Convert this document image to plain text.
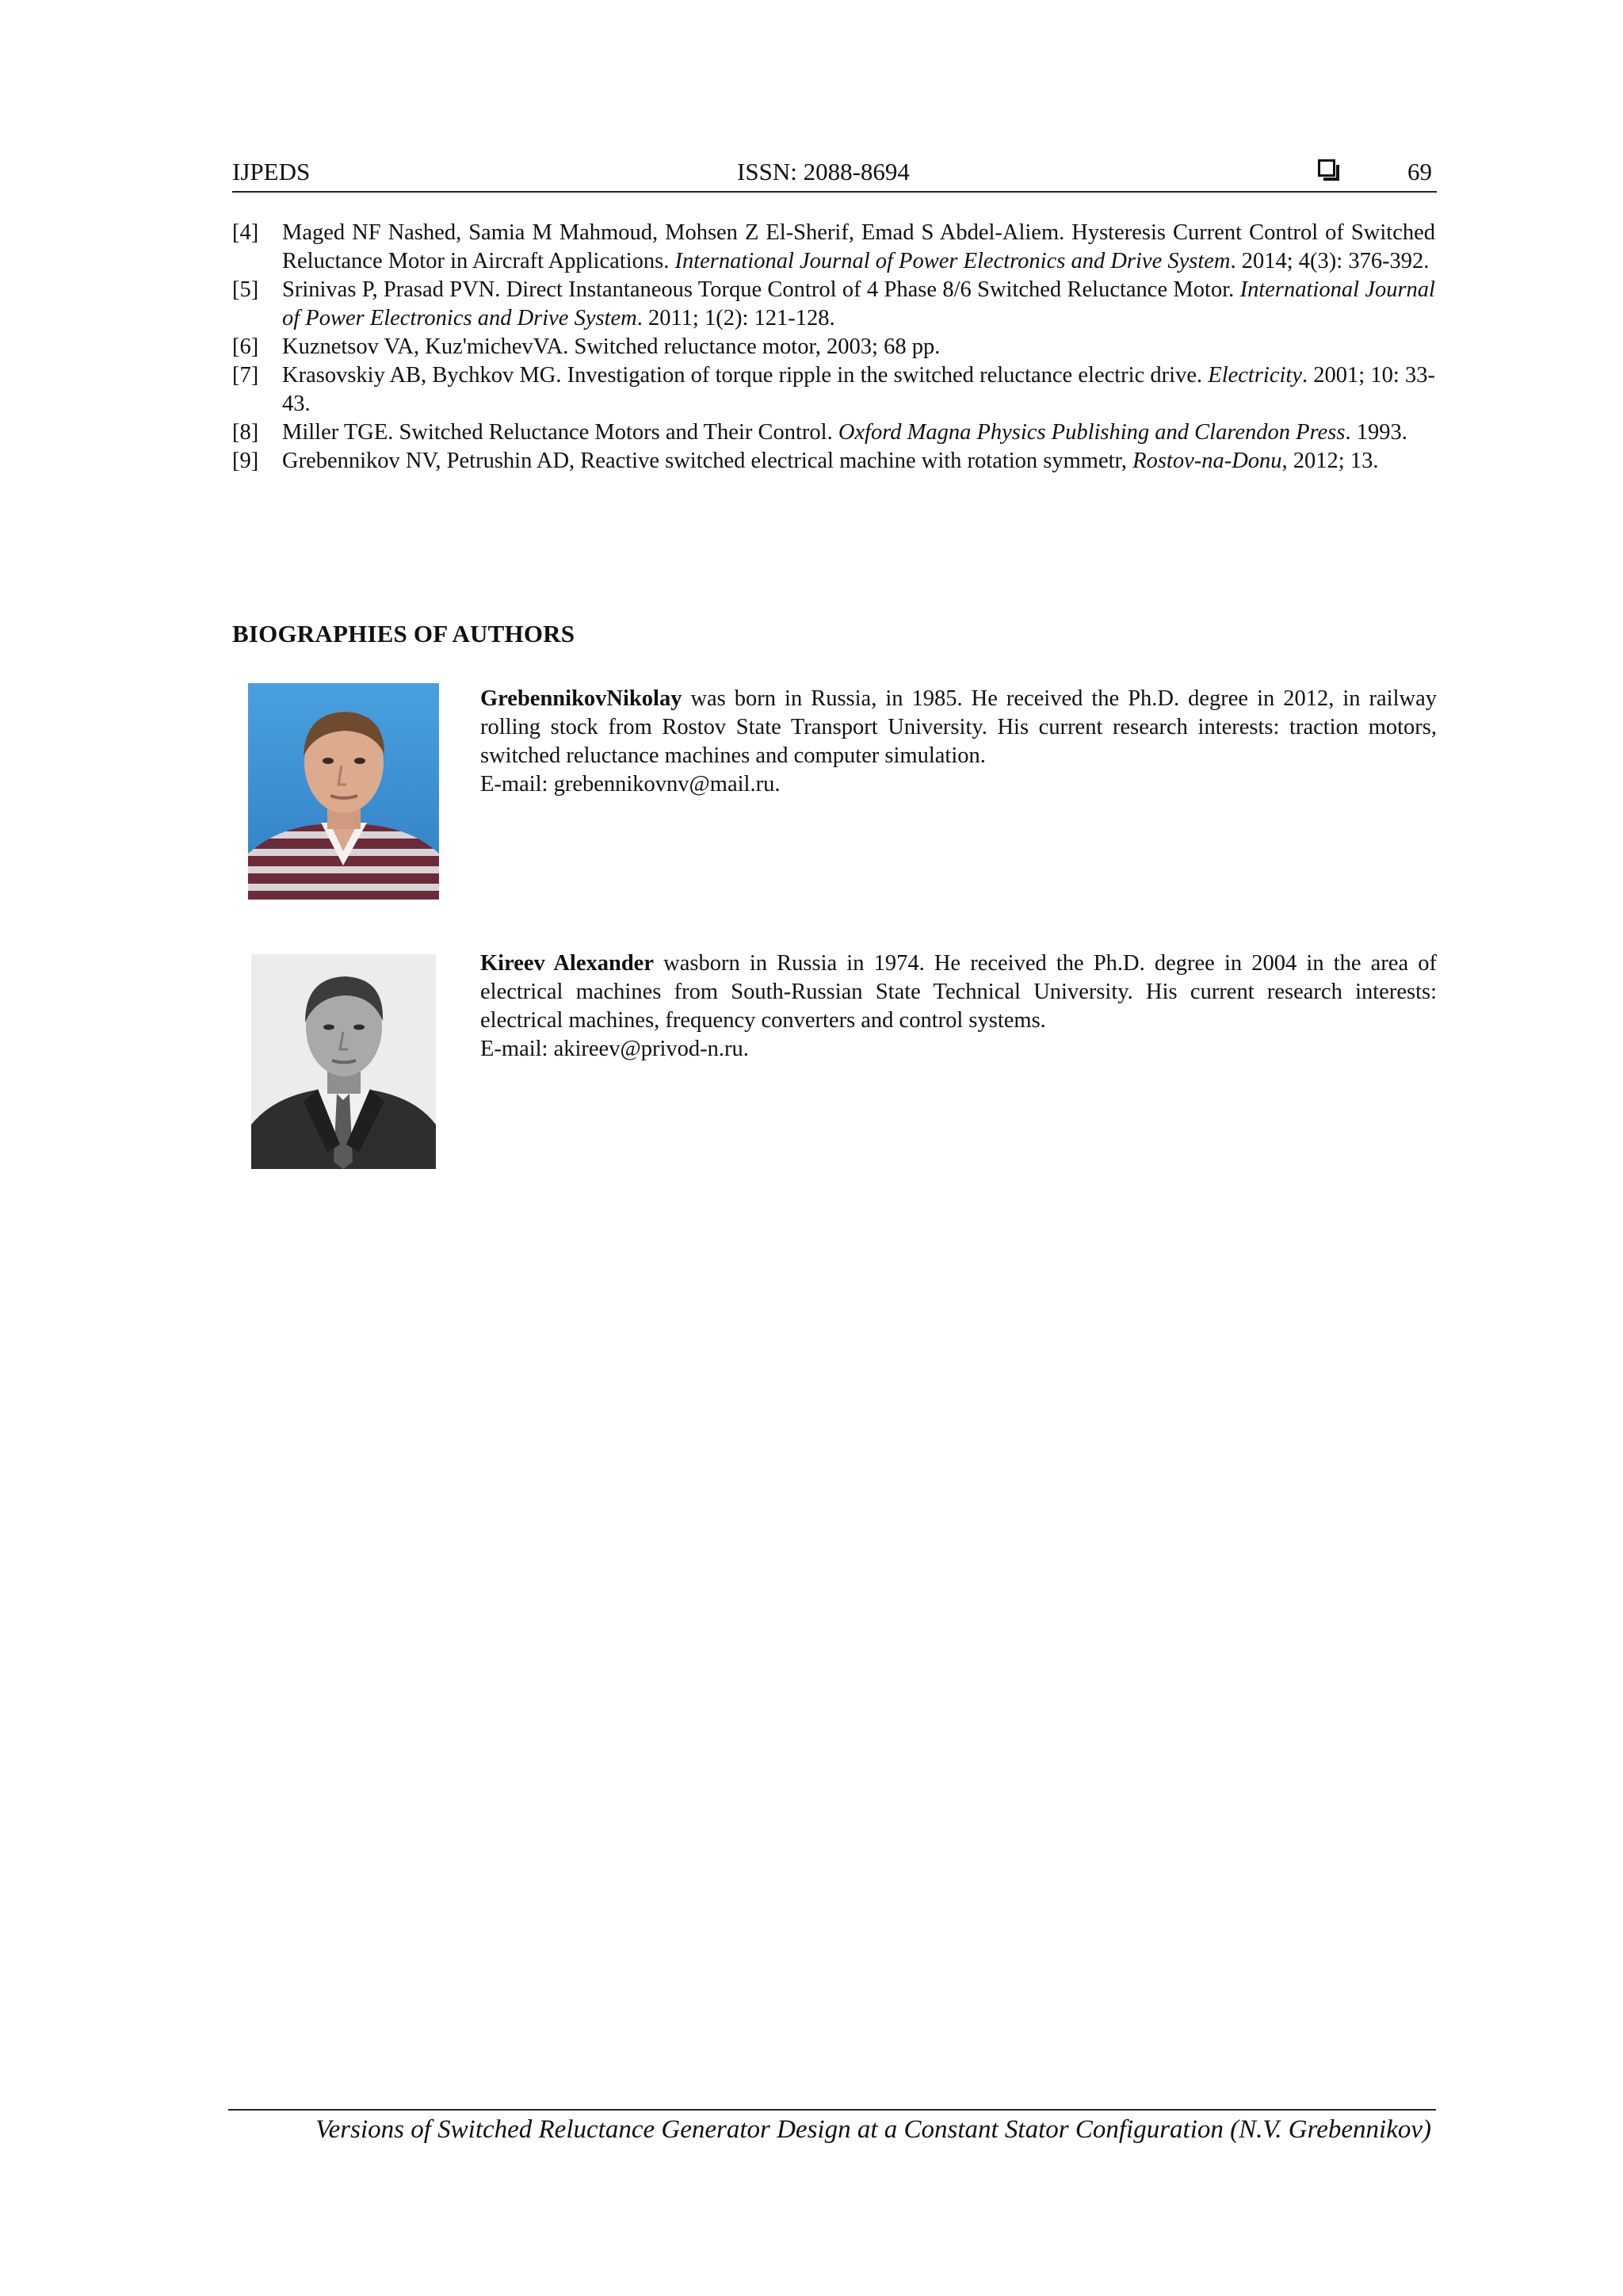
IJPEDS	ISSN: 2088-8694	69
[4] Maged NF Nashed, Samia M Mahmoud, Mohsen Z El-Sherif, Emad S Abdel-Aliem. Hysteresis Current Control of Switched Reluctance Motor in Aircraft Applications. International Journal of Power Electronics and Drive System. 2014; 4(3): 376-392.
[5] Srinivas P, Prasad PVN. Direct Instantaneous Torque Control of 4 Phase 8/6 Switched Reluctance Motor. International Journal of Power Electronics and Drive System. 2011; 1(2): 121-128.
[6] Kuznetsov VA, Kuz'michevVA. Switched reluctance motor, 2003; 68 pp.
[7] Krasovskiy AB, Bychkov MG. Investigation of torque ripple in the switched reluctance electric drive. Electricity. 2001; 10: 33-43.
[8] Miller TGE. Switched Reluctance Motors and Their Control. Oxford Magna Physics Publishing and Clarendon Press. 1993.
[9] Grebennikov NV, Petrushin AD, Reactive switched electrical machine with rotation symmetr, Rostov-na-Donu, 2012; 13.
BIOGRAPHIES OF AUTHORS
GrebennikovNikolay was born in Russia, in 1985. He received the Ph.D. degree in 2012, in railway rolling stock from Rostov State Transport University. His current research interests: traction motors, switched reluctance machines and computer simulation.
E-mail: grebennikovnv@mail.ru.
Kireev Alexander wasborn in Russia in 1974. He received the Ph.D. degree in 2004 in the area of electrical machines from South-Russian State Technical University. His current research interests: electrical machines, frequency converters and control systems.
E-mail: akireev@privod-n.ru.
Versions of Switched Reluctance Generator Design at a Constant Stator Configuration (N.V. Grebennikov)
